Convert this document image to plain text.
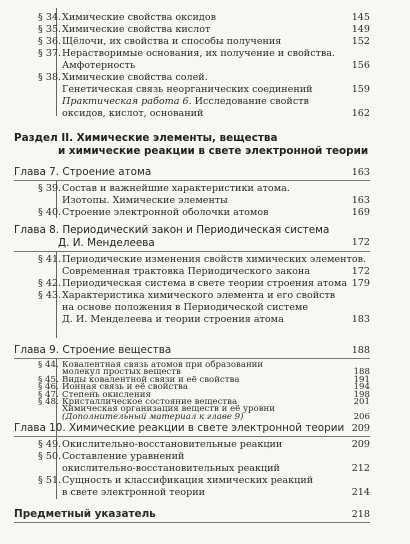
§ 34. Химические свойства оксидов	145
§ 35. Химические свойства кислот	149
§ 36. Щёлочи, их свойства и способы получения	152
§ 37. Нерастворимые основания, их получение и свойства.
Амфотерность	156
§ 38. Химические свойства солей.
Генетическая связь неорганических соединений	159
Практическая работа 6. Исследование свойств
оксидов, кислот, оснований	162
Раздел II. Химические элементы, вещества
и химические реакции в свете электронной теории
Глава 7. Строение атома	163
§ 39. Состав и важнейшие характеристики атома.
Изотопы. Химические элементы	163
§ 40. Строение электронной оболочки атомов	169
Глава 8. Периодический закон и Периодическая система
Д. И. Менделеева	172
§ 41. Периодические изменения свойств химических элементов.
Современная трактовка Периодического закона	172
§ 42. Периодическая система в свете теории строения атома 179
§ 43. Характеристика химического элемента и его свойств
на основе положения в Периодической системе
Д. И. Менделеева и теории строения атома	183
Глава 9. Строение вещества	188
§ 44. Ковалентная связь атомов при образовании
молекул простых веществ	188
§ 45. Виды ковалентной связи и её свойства	191
§ 46. Ионная связь и её свойства	194
§ 47. Степень окисления	198
§ 48. Кристаллическое состояние вещества	201
Химическая организация веществ и её уровни
(Дополнительный материал к главе 9)	206
Глава 10. Химические реакции в свете электронной теории 209
§ 49. Окислительно-восстановительные реакции	209
§ 50. Составление уравнений
окислительно-восстановительных реакций	212
§ 51. Сущность и классификация химических реакций
в свете электронной теории	214
Предметный указатель	218
